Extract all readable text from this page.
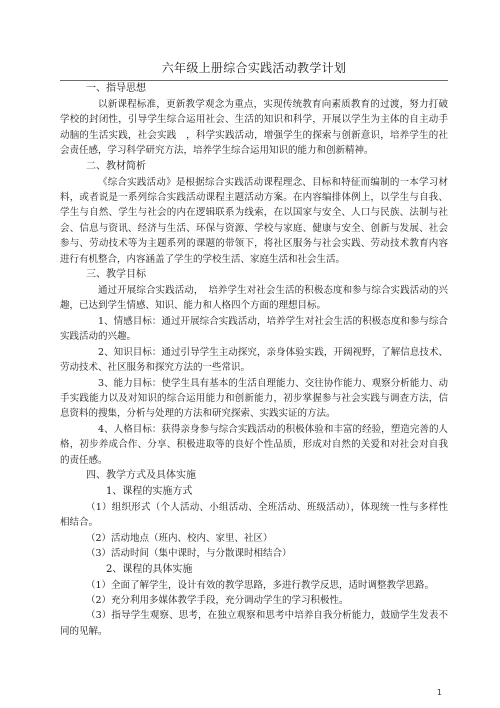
六年级上册综合实践活动教学计划
一、指导思想
以新课程标准，更新教学观念为重点，实现传统教育向素质教育的过渡，努力打破学校的封闭性，引导学生综合运用社会、生活的知识和科学，开展以学生为主体的自主动手动脑的生活实践，社会实践　，科学实践活动，增强学生的探索与创新意识，培养学生的社会责任感，学习科学研究方法，培养学生综合运用知识的能力和创新精神。
二、教材简析
《综合实践活动》是根据综合实践活动课程理念、目标和特征而编制的一本学习材料，或者说是一系列综合实践活动课程主题活动方案。在内容编排体例上，以学生与自我、学生与自然、学生与社会的内在逻辑联系为线索，在以国家与安全、人口与民族、法制与社会、信息与资讯、经济与生活、环保与资源、学校与家庭、健康与安全、创新与发展、社会参与、劳动技术等为主题系列的课题的带领下，将社区服务与社会实践、劳动技术教育内容进行有机整合，内容涵盖了学生的学校生活、家庭生活和社会生活。
三、教学目标
通过开展综合实践活动，　培养学生对社会生活的积极态度和参与综合实践活动的兴趣，已达到学生情感、知识、能力和人格四个方面的理想目标。
1、情感目标：通过开展综合实践活动，培养学生对社会生活的积极态度和参与综合实践活动的兴趣。
2、知识目标：通过引导学生主动探究，亲身体验实践，开阔视野，了解信息技术、劳动技术、社区服务和探究方法的一些常识。
3、能力目标：使学生具有基本的生活自理能力、交往协作能力、观察分析能力、动手实践能力以及对知识的综合运用能力和创新能力，初步掌握参与社会实践与调查方法，信息资料的搜集，分析与处理的方法和研究探索、实践实证的方法。
4、人格目标：获得亲身参与综合实践活动的积极体验和丰富的经验，塑造完善的人格，初步养成合作、分享、积极进取等的良好个性品质，形成对自然的关爱和对社会对自我的责任感。
四、教学方式及具体实施
1、课程的实施方式
（1）组织形式（个人活动、小组活动、全班活动、班级活动），体现统一性与多样性相结合。
（2）活动地点（班内、校内、家里、社区）
（3）活动时间（集中课时，与分散课时相结合）
2、课程的具体实施
（1）全面了解学生，设计有效的教学思路，多进行教学反思，适时调整教学思路。
（2）充分利用多媒体教学手段，充分调动学生的学习积极性。
（3）指导学生观察、思考，在独立观察和思考中培养自我分析能力，鼓励学生发表不同的见解。
1
